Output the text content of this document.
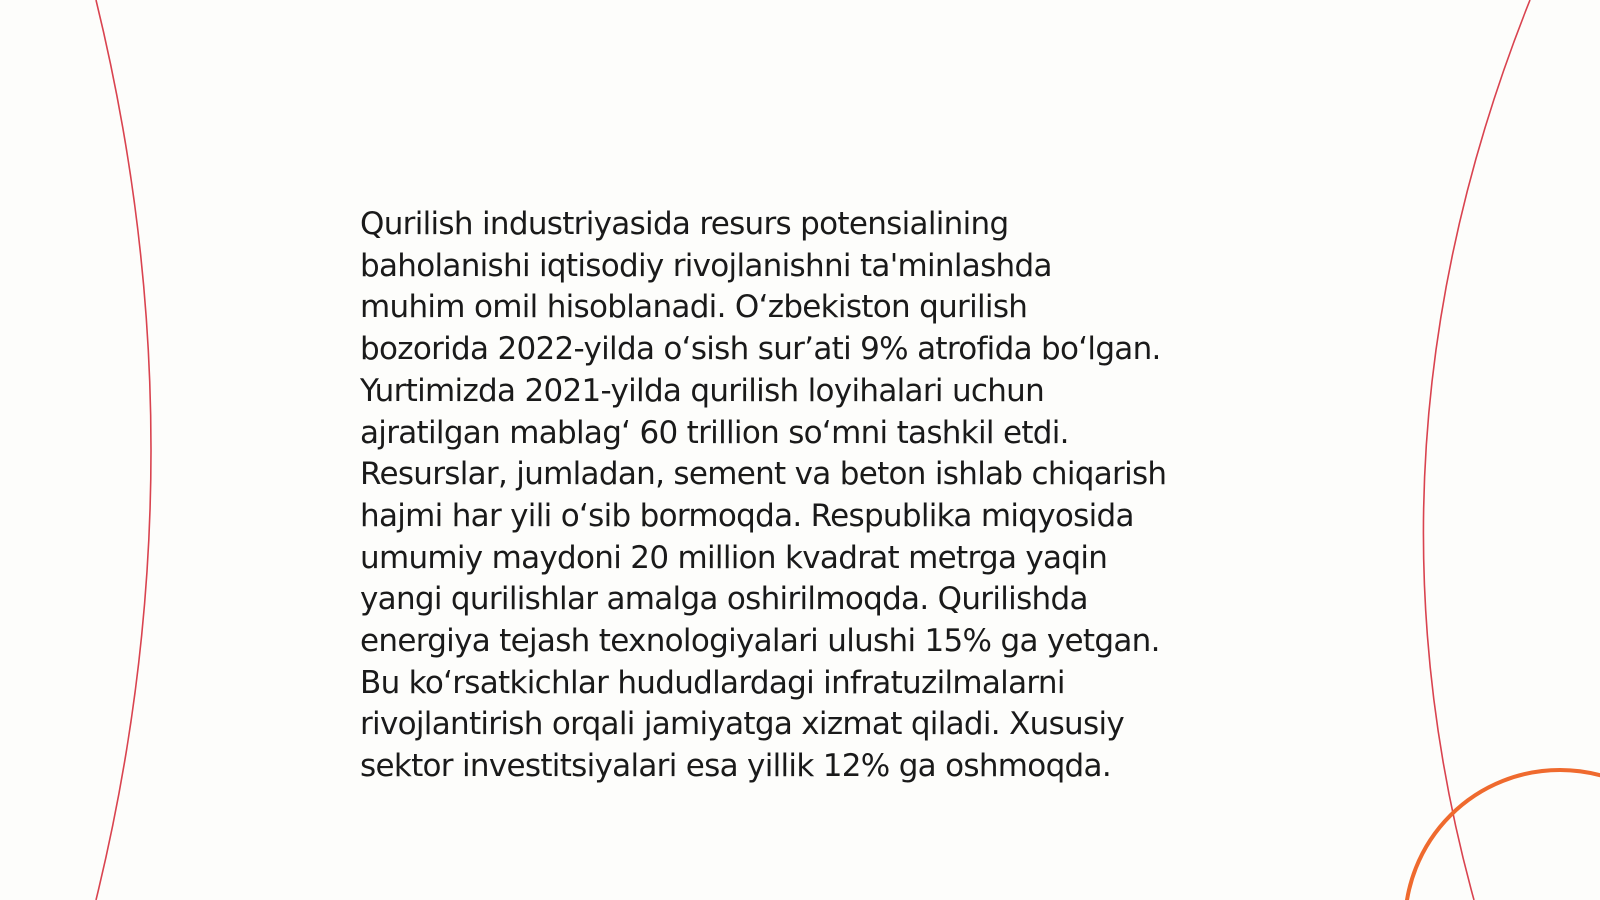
Qurilish industriyasida resurs potensialining
baholanishi iqtisodiy rivojlanishni ta'minlashda
muhim omil hisoblanadi. O‘zbekiston qurilish
bozorida 2022-yilda o‘sish sur’ati 9% atrofida bo‘lgan.
Yurtimizda 2021-yilda qurilish loyihalari uchun
ajratilgan mablag‘ 60 trillion so‘mni tashkil etdi.
Resurslar, jumladan, sement va beton ishlab chiqarish
hajmi har yili o‘sib bormoqda. Respublika miqyosida
umumiy maydoni 20 million kvadrat metrga yaqin
yangi qurilishlar amalga oshirilmoqda. Qurilishda
energiya tejash texnologiyalari ulushi 15% ga yetgan.
Bu ko‘rsatkichlar hududlardagi infratuzilmalarni
rivojlantirish orqali jamiyatga xizmat qiladi. Xususiy
sektor investitsiyalari esa yillik 12% ga oshmoqda.
